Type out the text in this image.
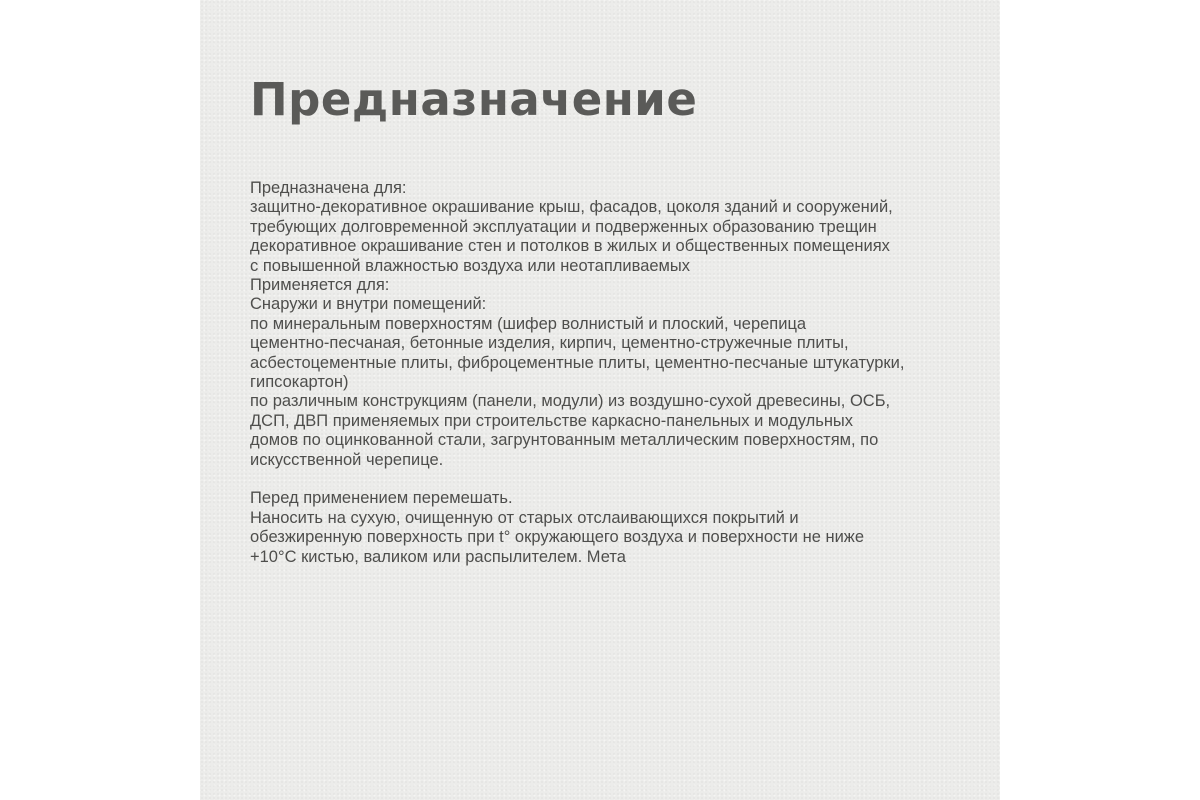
Предназначение
Предназначена для:
защитно-декоративное окрашивание крыш, фасадов, цоколя зданий и сооружений,
требующих долговременной эксплуатации и подверженных образованию трещин
декоративное окрашивание стен и потолков в жилых и общественных помещениях
с повышенной влажностью воздуха или неотапливаемых
Применяется для:
Снаружи и внутри помещений:
по минеральным поверхностям (шифер волнистый и плоский, черепица
цементно-песчаная, бетонные изделия, кирпич, цементно-стружечные плиты,
асбестоцементные плиты, фиброцементные плиты, цементно-песчаные штукатурки,
гипсокартон)
по различным конструкциям (панели, модули) из воздушно-сухой древесины, ОСБ,
ДСП, ДВП применяемых при строительстве каркасно-панельных и модульных
домов по оцинкованной стали, загрунтованным металлическим поверхностям, по
искусственной черепице.
Перед применением перемешать.
Наносить на сухую, очищенную от старых отслаивающихся покрытий и
обезжиренную поверхность при t° окружающего воздуха и поверхности не ниже
+10°С кистью, валиком или распылителем. Мета
